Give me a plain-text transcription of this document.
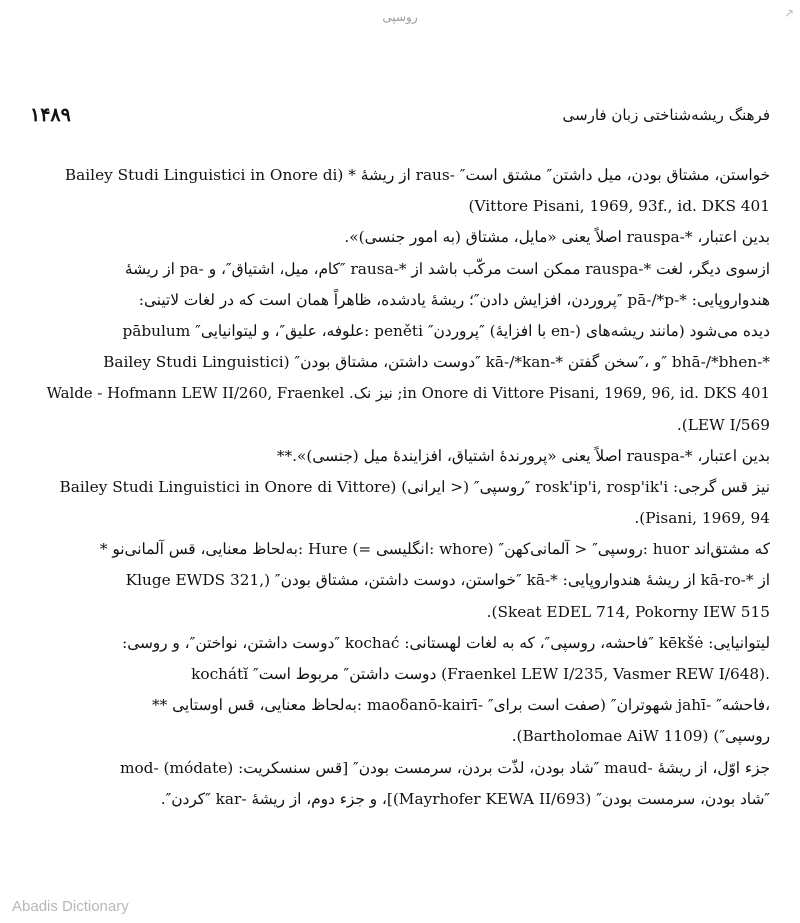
روسپی	↗
۱۴۸۹	فرهنگ ریشه‌شناختی زبان فارسی
Bailey Studi Linguistici in Onore di) ‎*‎ از ریشهٔ ‎raus-‎ ″خواستن، مشتاق بودن، میل داشتن″ مشتق است
(Vittore Pisani, 1969, 93f., id. DKS 401
بدین اعتبار، ‎rauspa-*‎ اصلاً یعنی «مایل، مشتاق (به امور جنسی)».
ازسوی دیگر، لغت ‎rauspa-*‎ ممکن است مرکّب باشد از ‎rausa-*‎ ″کام، میل، اشتیاق″، و ‎pa-‎ از ریشهٔ
هندواروپایی: ‎pā-/*p-*‎ ″پروردن، افزایش دادن″؛ ریشهٔ یادشده، ظاهراً همان است که در لغات لاتینی:
pābulum ″علوفه، علیق″، و لیتوانیایی: peněti ″پروردن″ (با افزایهٔ ‎en-‎) دیده می‌شود (مانند ریشه‌های
Bailey Studi Linguistici) ″دوست داشتن، مشتاق بودن″ ‎kā-/*kan-*‎ و ،″سخن گفتن″ ‎bhā-/*bhen-*
Walde - Hofmann LEW II/260, Fraenkel .نیز نک ;in Onore di Vittore Pisani, 1969, 96, id. DKS 401
.(LEW I/569
بدین اعتبار، ‎rauspa-*‎ اصلاً یعنی «پرورندهٔ اشتیاق، افزایندهٔ میل (جنسی)».‎**
Bailey Studi Linguistici in Onore di Vittore) (ایرانی >) ″روسپی″ rosk'ip'i, rosp'ik'i :نیز قس گرجی
.(Pisani, 1969, 94
‎*‎ به‌لحاظ معنایی، قس آلمانی‌نو: Hure (= انگلیسی: whore) ″روسپی″ < آلمانی‌کهن: huor که مشتق‌اند
Kluge EWDS 321,) ″خواستن، دوست داشتن، مشتاق بودن″ ‎kā-*‎ :از ریشهٔ هندواروپایی ‎kā-ro-*‎ از
.(Skeat EDEL 714, Pokorny IEW 515
لیتوانیایی: kēkšė ″فاحشه، روسپی″، که به لغات لهستانی: kochać ″دوست داشتن، نواختن″، و روسی:
kochátĭ ″دوست داشتن″ مربوط است (Fraenkel LEW I/235, Vasmer REW I/648).
‎**‎ به‌لحاظ معنایی، قس اوستایی: ‎maoδanō-kairī-‎ ″شهوتران″ (صفت است برای ‎jahī-‎ ″فاحشه،
روسپی″) (Bartholomae AiW 1109).
جزء اوّل، از ریشهٔ ‎maud-‎ ″شاد بودن، لذّت بردن، سرمست بودن″ [قس سنسکریت: ‎mod-‎ (módate)
″شاد بودن، سرمست بودن″ (Mayrhofer KEWA II/693)]، و جزء دوم، از ریشهٔ ‎kar-‎ ″کردن″.
Abadis Dictionary
